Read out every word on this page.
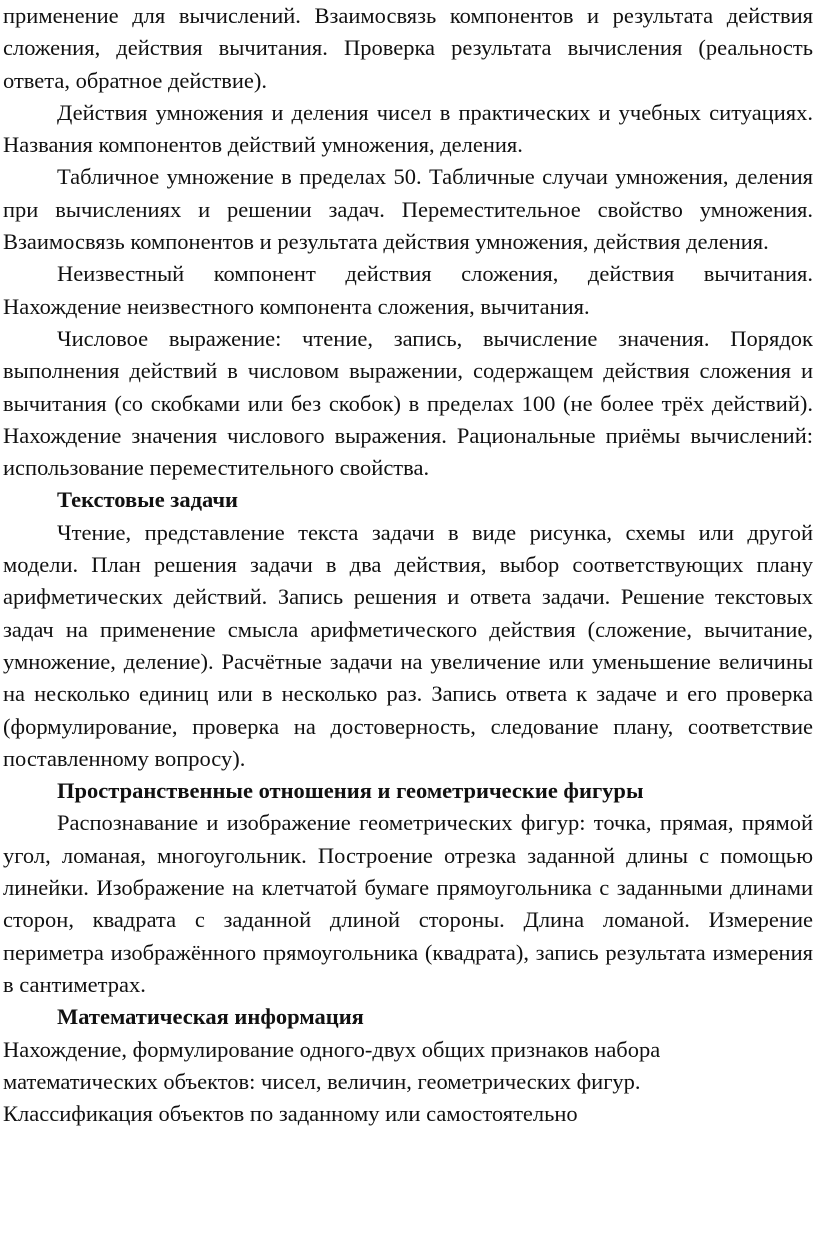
применение для вычислений. Взаимосвязь компонентов и результата действия сложения, действия вычитания. Проверка результата вычисления (реальность ответа, обратное действие).

Действия умножения и деления чисел в практических и учебных ситуациях. Названия компонентов действий умножения, деления.

Табличное умножение в пределах 50. Табличные случаи умножения, деления при вычислениях и решении задач. Переместительное свойство умножения. Взаимосвязь компонентов и результата действия умножения, действия деления.

Неизвестный компонент действия сложения, действия вычитания. Нахождение неизвестного компонента сложения, вычитания.

Числовое выражение: чтение, запись, вычисление значения. Порядок выполнения действий в числовом выражении, содержащем действия сложения и вычитания (со скобками или без скобок) в пределах 100 (не более трёх действий). Нахождение значения числового выражения. Рациональные приёмы вычислений: использование переместительного свойства.

Текстовые задачи

Чтение, представление текста задачи в виде рисунка, схемы или другой модели. План решения задачи в два действия, выбор соответствующих плану арифметических действий. Запись решения и ответа задачи. Решение текстовых задач на применение смысла арифметического действия (сложение, вычитание, умножение, деление). Расчётные задачи на увеличение или уменьшение величины на несколько единиц или в несколько раз. Запись ответа к задаче и его проверка (формулирование, проверка на достоверность, следование плану, соответствие поставленному вопросу).

Пространственные отношения и геометрические фигуры

Распознавание и изображение геометрических фигур: точка, прямая, прямой угол, ломаная, многоугольник. Построение отрезка заданной длины с помощью линейки. Изображение на клетчатой бумаге прямоугольника с заданными длинами сторон, квадрата с заданной длиной стороны. Длина ломаной. Измерение периметра изображённого прямоугольника (квадрата), запись результата измерения в сантиметрах.

Математическая информация

Нахождение, формулирование одного-двух общих признаков набора

математических объектов: чисел, величин, геометрических фигур.

Классификация объектов по заданному или самостоятельно
